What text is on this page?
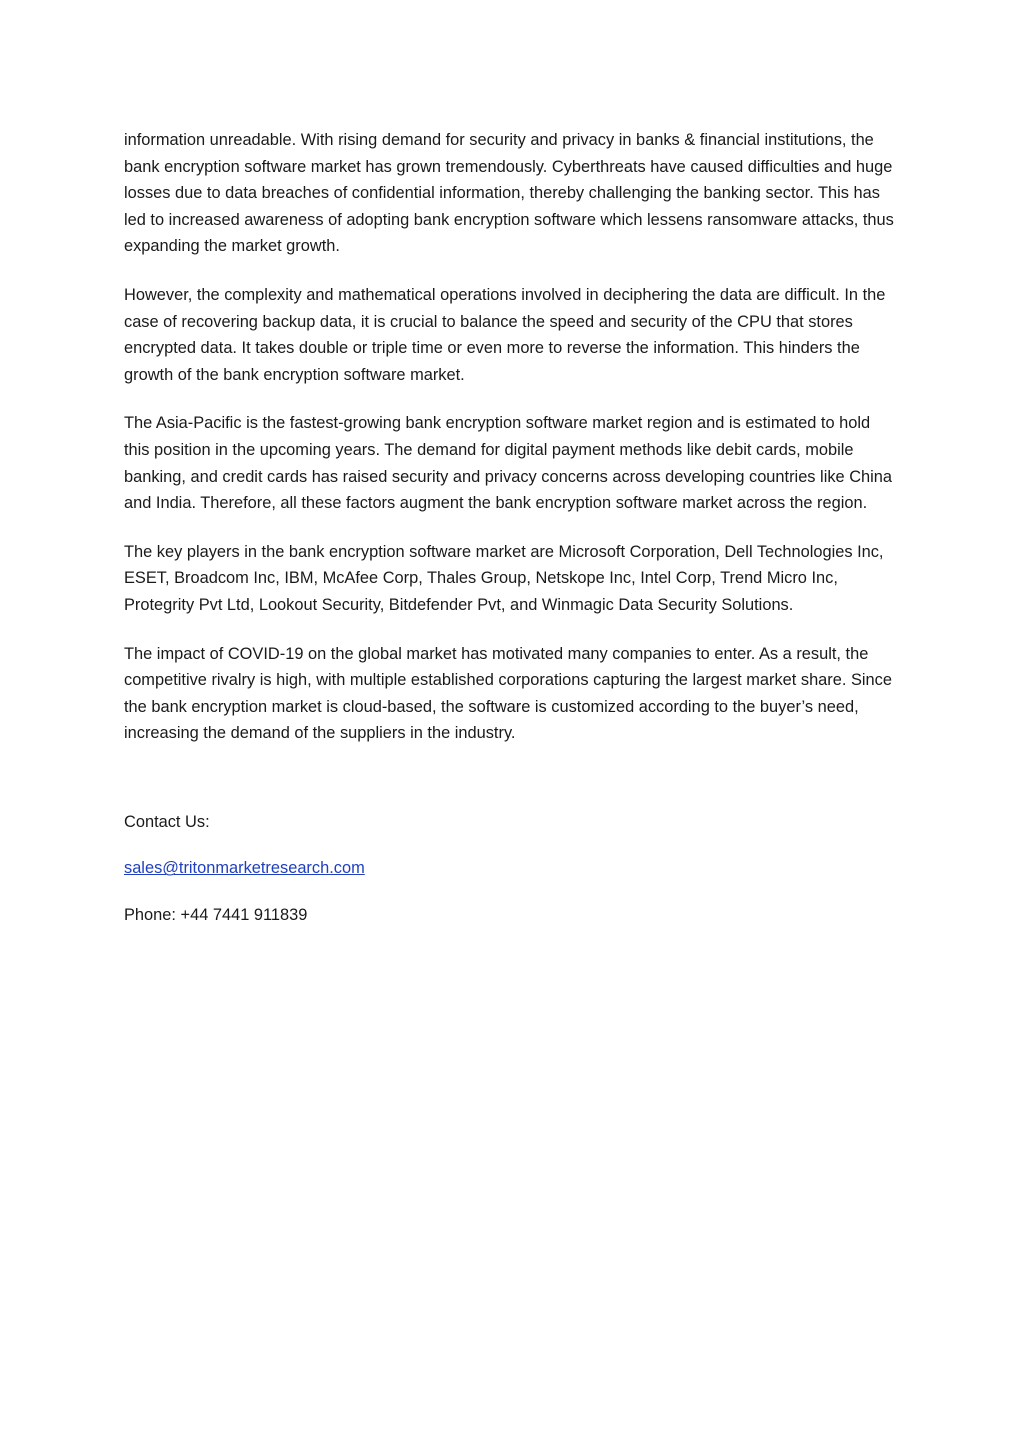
information unreadable. With rising demand for security and privacy in banks & financial institutions, the bank encryption software market has grown tremendously. Cyberthreats have caused difficulties and huge losses due to data breaches of confidential information, thereby challenging the banking sector. This has led to increased awareness of adopting bank encryption software which lessens ransomware attacks, thus expanding the market growth.

However, the complexity and mathematical operations involved in deciphering the data are difficult. In the case of recovering backup data, it is crucial to balance the speed and security of the CPU that stores encrypted data. It takes double or triple time or even more to reverse the information. This hinders the growth of the bank encryption software market.

The Asia-Pacific is the fastest-growing bank encryption software market region and is estimated to hold this position in the upcoming years. The demand for digital payment methods like debit cards, mobile banking, and credit cards has raised security and privacy concerns across developing countries like China and India. Therefore, all these factors augment the bank encryption software market across the region.

The key players in the bank encryption software market are Microsoft Corporation, Dell Technologies Inc, ESET, Broadcom Inc, IBM, McAfee Corp, Thales Group, Netskope Inc, Intel Corp, Trend Micro Inc, Protegrity Pvt Ltd, Lookout Security, Bitdefender Pvt, and Winmagic Data Security Solutions.

The impact of COVID-19 on the global market has motivated many companies to enter. As a result, the competitive rivalry is high, with multiple established corporations capturing the largest market share. Since the bank encryption market is cloud-based, the software is customized according to the buyer’s need, increasing the demand of the suppliers in the industry.

Contact Us:

sales@tritonmarketresearch.com

Phone: +44 7441 911839
